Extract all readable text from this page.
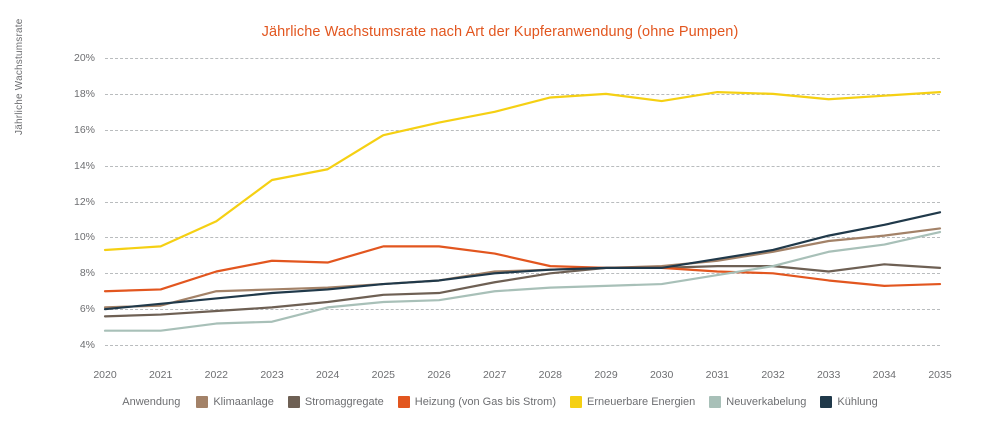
Jährliche Wachstumsrate nach Art der Kupferanwendung (ohne Pumpen)
Jährliche Wachstumsrate
4%
6%
8%
10%
12%
14%
16%
18%
20%
2020	2021	2022	2023	2024	2025	2026	2027	2028	2029	2030	2031	2032	2033	2034	2035
Anwendung	Klimaanlage	Stromaggregate	Heizung (von Gas bis Strom)	Erneuerbare Energien	Neuverkabelung	Kühlung
